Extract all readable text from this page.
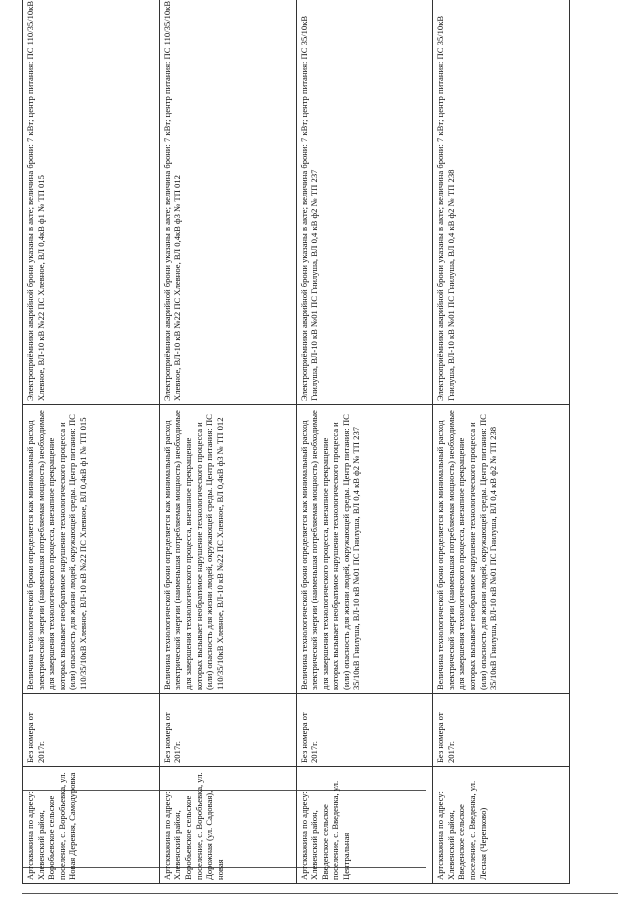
Артскважина по адресу: Хлевенский район, Воробьевское сельское поселение, с. Воробьевка, ул. Новая Деревня, Самодуровка	Без номера от 2017г.	Величина технологической брони определяется как минимальный расход электрической энергии (наименьшая потребляемая мощность) необходимые для завершения технологического процесса, внезапное прекращение которых вызывает необратимое нарушение технологического процесса и (или) опасность для жизни людей, окружающей среды. Центр питания: ПС 110/35/10кВ Хлевное, ВЛ-10 кВ №22 ПС Хлевное, ВЛ 0,4кВ ф1 № ТП 015	Электроприёмники аварийной брони указаны в акте; величина брони: 7 кВт; центр питания: ПС 110/35/10кВ Хлевное, ВЛ-10 кВ №22 ПС Хлевное, ВЛ 0,4кВ ф1 № ТП 015
Артскважина по адресу: Хлевенский район, Воробьевское сельское поселение, с. Воробьевка, ул. Дорожная (ул. Садовая), новая	Без номера от 2017г.	Величина технологической брони определяется как минимальный расход электрической энергии (наименьшая потребляемая мощность) необходимые для завершения технологического процесса, внезапное прекращение которых вызывает необратимое нарушение технологического процесса и (или) опасность для жизни людей, окружающей среды. Центр питания: ПС 110/35/10кВ Хлевное, ВЛ-10 кВ №22 ПС Хлевное, ВЛ 0,4кВ ф3 № ТП 012	Электроприёмники аварийной брони указаны в акте; величина брони: 7 кВт; центр питания: ПС 110/35/10кВ Хлевное, ВЛ-10 кВ №22 ПС Хлевное, ВЛ 0,4кВ ф3 № ТП 012
Артскважина по адресу: Хлевенский район, Введенское сельское поселение, с. Введенка, ул. Центральная	Без номера от 2017г.	Величина технологической брони определяется как минимальный расход электрической энергии (наименьшая потребляемая мощность) необходимые для завершения технологического процесса, внезапное прекращение которых вызывает необратимое нарушение технологического процесса и (или) опасность для жизни людей, окружающей среды. Центр питания: ПС 35/10кВ Гнилуша, ВЛ-10 кВ №01 ПС Гнилуша, ВЛ 0,4 кВ ф2 № ТП 237	Электроприёмники аварийной брони указаны в акте; величина брони: 7 кВт; центр питания: ПС 35/10кВ Гнилуша, ВЛ-10 кВ №01 ПС Гнилуша, ВЛ 0,4 кВ ф2 № ТП 237
Артскважина по адресу: Хлевенский район, Введенское сельское поселение, с. Введенка, ул. Лесная (Черепково)	Без номера от 2017г.	Величина технологической брони определяется как минимальный расход электрической энергии (наименьшая потребляемая мощность) необходимые для завершения технологического процесса, внезапное прекращение которых вызывает необратимое нарушение технологического процесса и (или) опасность для жизни людей, окружающей среды. Центр питания: ПС 35/10кВ Гнилуша, ВЛ-10 кВ №01 ПС Гнилуша, ВЛ 0,4 кВ ф2 № ТП 238	Электроприёмники аварийной брони указаны в акте; величина брони: 7 кВт; центр питания: ПС 35/10кВ Гнилуша, ВЛ-10 кВ №01 ПС Гнилуша, ВЛ 0,4 кВ ф2 № ТП 238
